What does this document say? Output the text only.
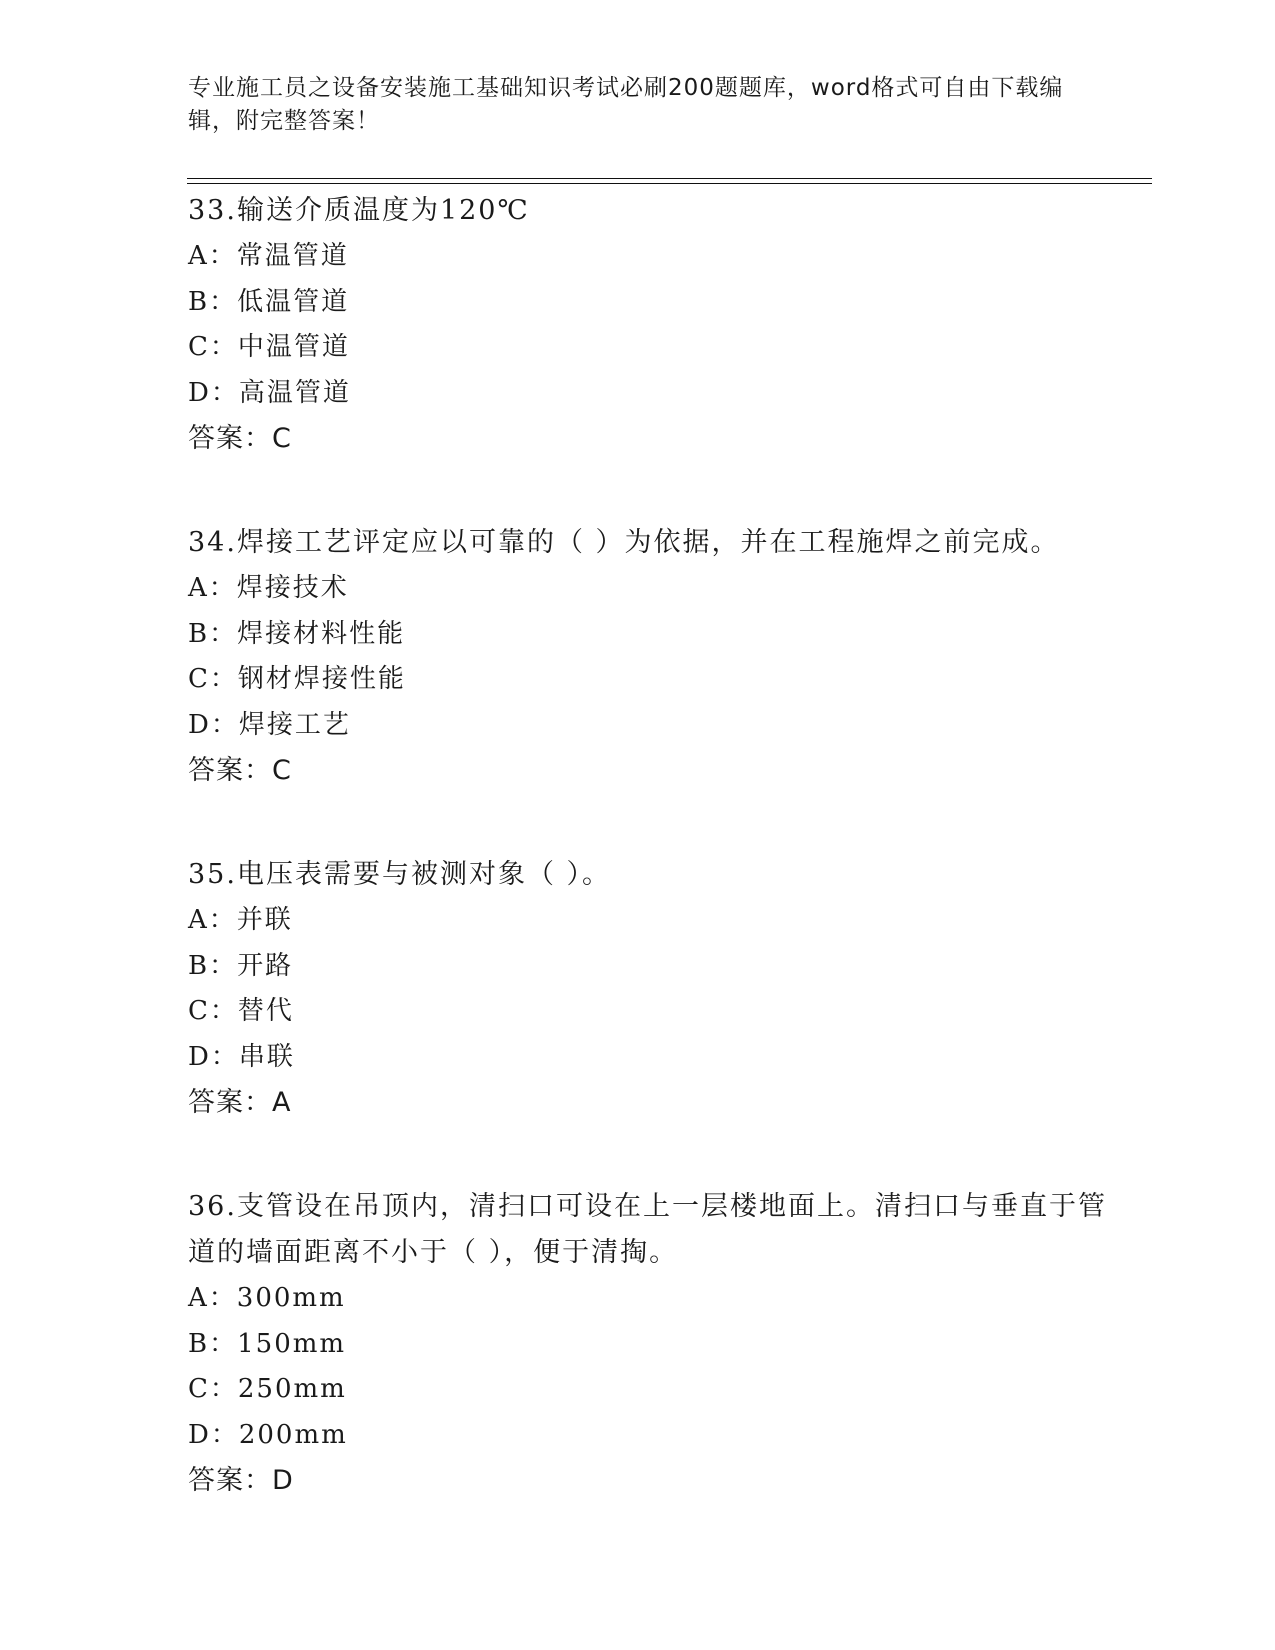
专业施工员之设备安装施工基础知识考试必刷200题题库，word格式可自由下载编辑，附完整答案！
33.输送介质温度为120℃
A：常温管道
B：低温管道
C：中温管道
D：高温管道
答案：C
34.焊接工艺评定应以可靠的（ ）为依据，并在工程施焊之前完成。
A：焊接技术
B：焊接材料性能
C：钢材焊接性能
D：焊接工艺
答案：C
35.电压表需要与被测对象（ ）。
A：并联
B：开路
C：替代
D：串联
答案：A
36.支管设在吊顶内，清扫口可设在上一层楼地面上。清扫口与垂直于管道的墙面距离不小于（ ），便于清掏。
A：300mm
B：150mm
C：250mm
D：200mm
答案：D
